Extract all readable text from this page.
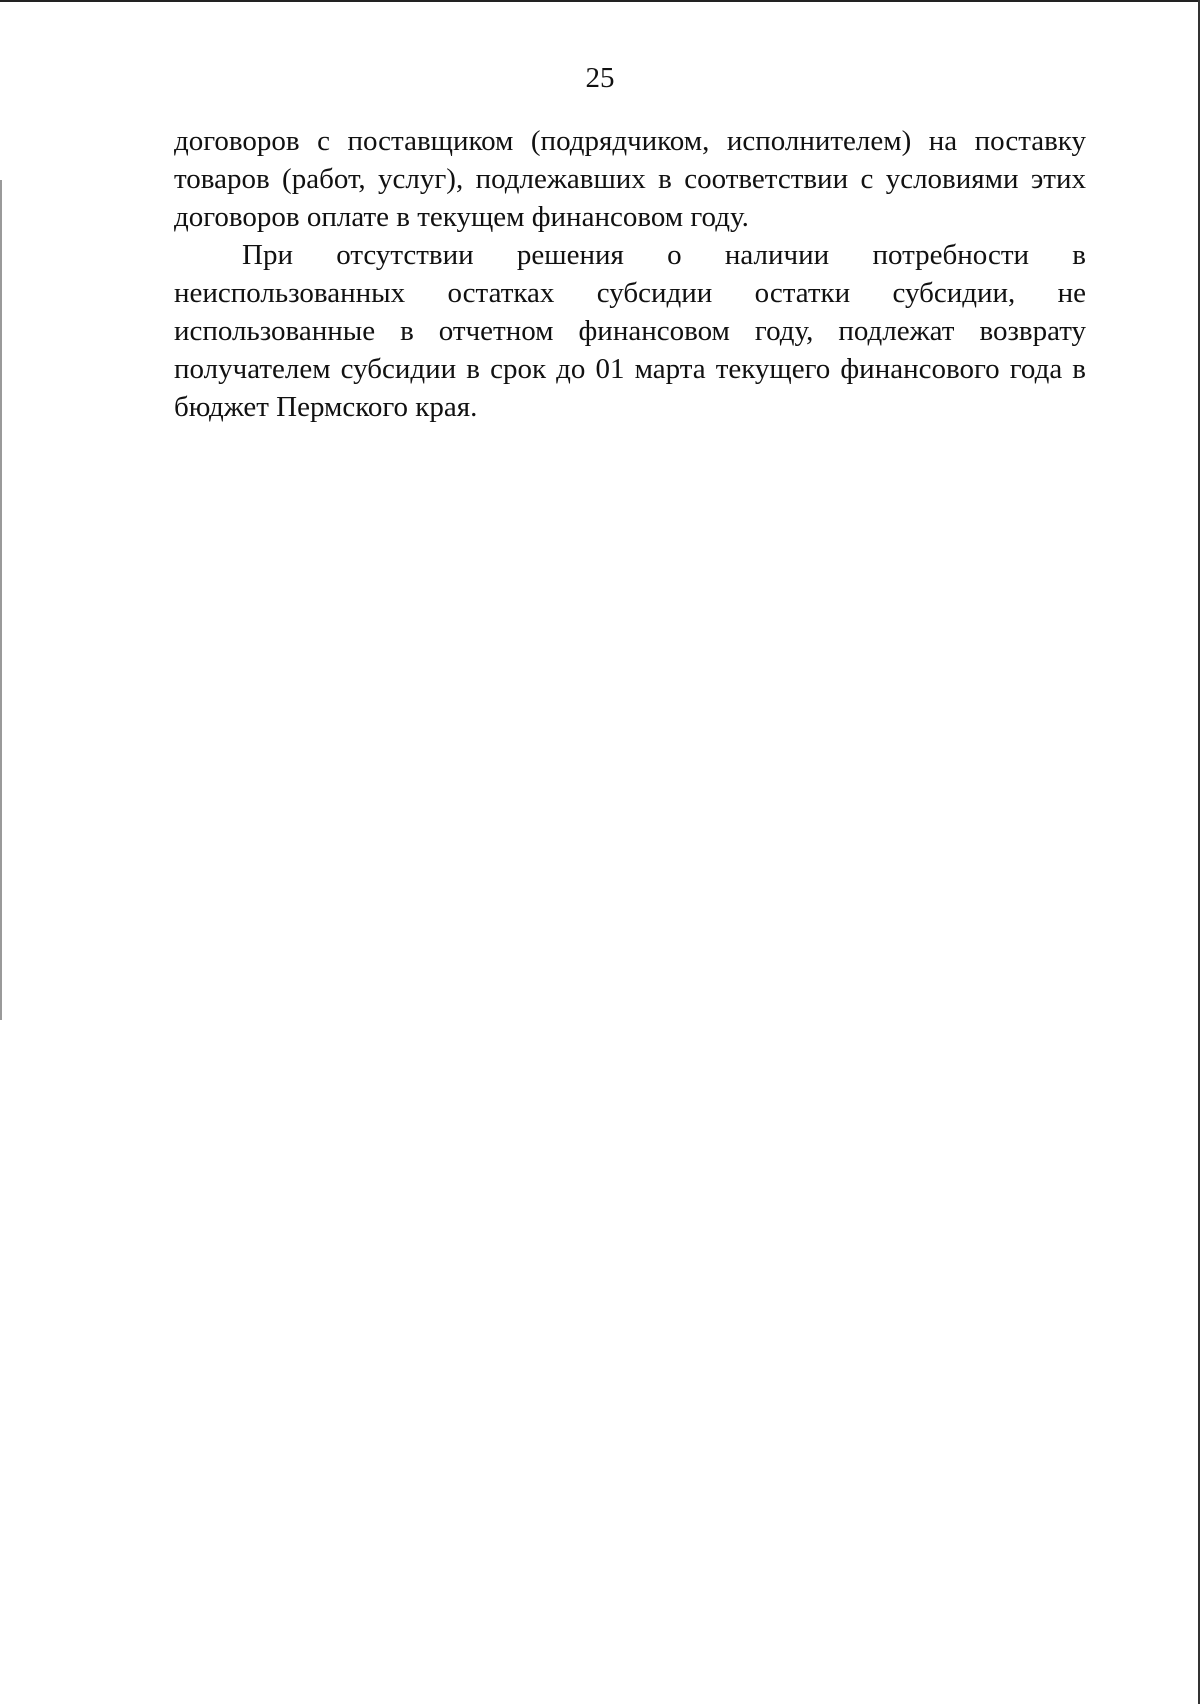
25

договоров с поставщиком (подрядчиком, исполнителем) на поставку товаров (работ, услуг), подлежавших в соответствии с условиями этих договоров оплате в текущем финансовом году.

При отсутствии решения о наличии потребности в неиспользованных остатках субсидии остатки субсидии, не использованные в отчетном финансовом году, подлежат возврату получателем субсидии в срок до 01 марта текущего финансового года в бюджет Пермского края.
